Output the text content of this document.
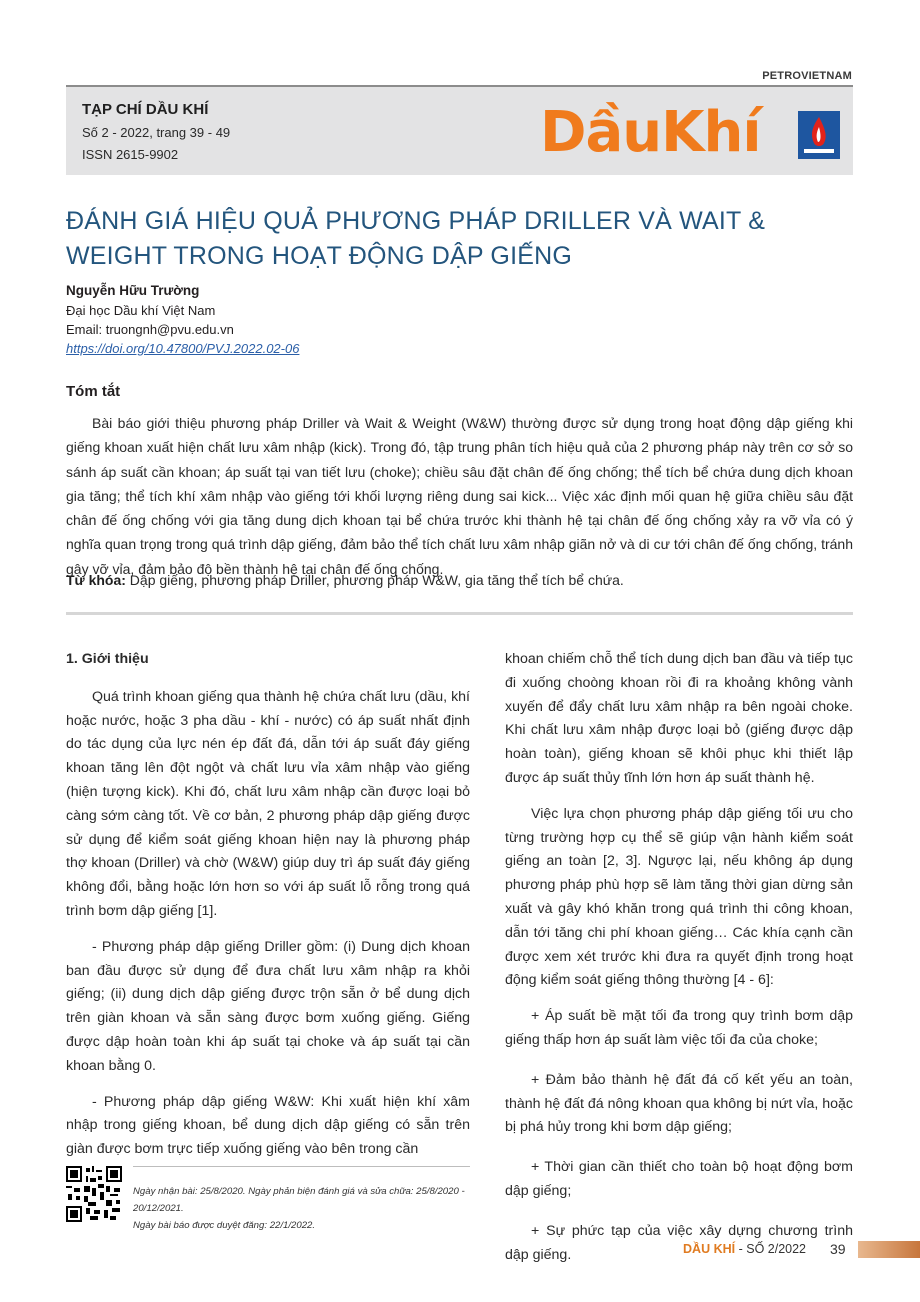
PETROVIETNAM
TẠP CHÍ DẦU KHÍ
Số 2 - 2022, trang 39 - 49
ISSN 2615-9902	DầuKhí
ĐÁNH GIÁ HIỆU QUẢ PHƯƠNG PHÁP DRILLER VÀ WAIT & WEIGHT TRONG HOẠT ĐỘNG DẬP GIẾNG
Nguyễn Hữu Trường
Đại học Dầu khí Việt Nam
Email: truongnh@pvu.edu.vn
https://doi.org/10.47800/PVJ.2022.02-06
Tóm tắt

Bài báo giới thiệu phương pháp Driller và Wait & Weight (W&W) thường được sử dụng trong hoạt động dập giếng khi giếng khoan xuất hiện chất lưu xâm nhập (kick). Trong đó, tập trung phân tích hiệu quả của 2 phương pháp này trên cơ sở so sánh áp suất cần khoan; áp suất tại van tiết lưu (choke); chiều sâu đặt chân đế ống chống; thể tích bể chứa dung dịch khoan gia tăng; thể tích khí xâm nhập vào giếng tới khối lượng riêng dung sai kick... Việc xác định mối quan hệ giữa chiều sâu đặt chân đế ống chống với gia tăng dung dịch khoan tại bể chứa trước khi thành hệ tại chân đế ống chống xảy ra vỡ vỉa có ý nghĩa quan trọng trong quá trình dập giếng, đảm bảo thể tích chất lưu xâm nhập giãn nở và di cư tới chân đế ống chống, tránh gây vỡ vỉa, đảm bảo độ bền thành hệ tại chân đế ống chống.

Từ khóa: Dập giếng, phương pháp Driller, phương pháp W&W, gia tăng thể tích bể chứa.

1. Giới thiệu

Quá trình khoan giếng qua thành hệ chứa chất lưu (dầu, khí hoặc nước, hoặc 3 pha dầu - khí - nước) có áp suất nhất định do tác dụng của lực nén ép đất đá, dẫn tới áp suất đáy giếng khoan tăng lên đột ngột và chất lưu vỉa xâm nhập vào giếng (hiện tượng kick). Khi đó, chất lưu xâm nhập cần được loại bỏ càng sớm càng tốt. Về cơ bản, 2 phương pháp dập giếng được sử dụng để kiểm soát giếng khoan hiện nay là phương pháp thợ khoan (Driller) và chờ (W&W) giúp duy trì áp suất đáy giếng không đổi, bằng hoặc lớn hơn so với áp suất lỗ rỗng trong quá trình bơm dập giếng [1].

- Phương pháp dập giếng Driller gồm: (i) Dung dịch khoan ban đầu được sử dụng để đưa chất lưu xâm nhập ra khỏi giếng; (ii) dung dịch dập giếng được trộn sẵn ở bể dung dịch trên giàn khoan và sẵn sàng được bơm xuống giếng. Giếng được dập hoàn toàn khi áp suất tại choke và áp suất tại cần khoan bằng 0.

- Phương pháp dập giếng W&W: Khi xuất hiện khí xâm nhập trong giếng khoan, bể dung dịch dập giếng có sẵn trên giàn được bơm trực tiếp xuống giếng vào bên trong cần

khoan chiếm chỗ thể tích dung dịch ban đầu và tiếp tục đi xuống choòng khoan rồi đi ra khoảng không vành xuyến để đẩy chất lưu xâm nhập ra bên ngoài choke. Khi chất lưu xâm nhập được loại bỏ (giếng được dập hoàn toàn), giếng khoan sẽ khôi phục khi thiết lập được áp suất thủy tĩnh lớn hơn áp suất thành hệ.

Việc lựa chọn phương pháp dập giếng tối ưu cho từng trường hợp cụ thể sẽ giúp vận hành kiểm soát giếng an toàn [2, 3]. Ngược lại, nếu không áp dụng phương pháp phù hợp sẽ làm tăng thời gian dừng sản xuất và gây khó khăn trong quá trình thi công khoan, dẫn tới tăng chi phí khoan giếng… Các khía cạnh cần được xem xét trước khi đưa ra quyết định trong hoạt động kiểm soát giếng thông thường [4 - 6]:

+ Áp suất bề mặt tối đa trong quy trình bơm dập giếng thấp hơn áp suất làm việc tối đa của choke;

+ Đảm bảo thành hệ đất đá cố kết yếu an toàn, thành hệ đất đá nông khoan qua không bị nứt vỉa, hoặc bị phá hủy trong khi bơm dập giếng;

+ Thời gian cần thiết cho toàn bộ hoạt động bơm dập giếng;

+ Sự phức tạp của việc xây dựng chương trình dập giếng.

Ngày nhận bài: 25/8/2020. Ngày phản biện đánh giá và sửa chữa: 25/8/2020 - 20/12/2021.
Ngày bài báo được duyệt đăng: 22/1/2022.
DẦU KHÍ - SỐ 2/2022 39
